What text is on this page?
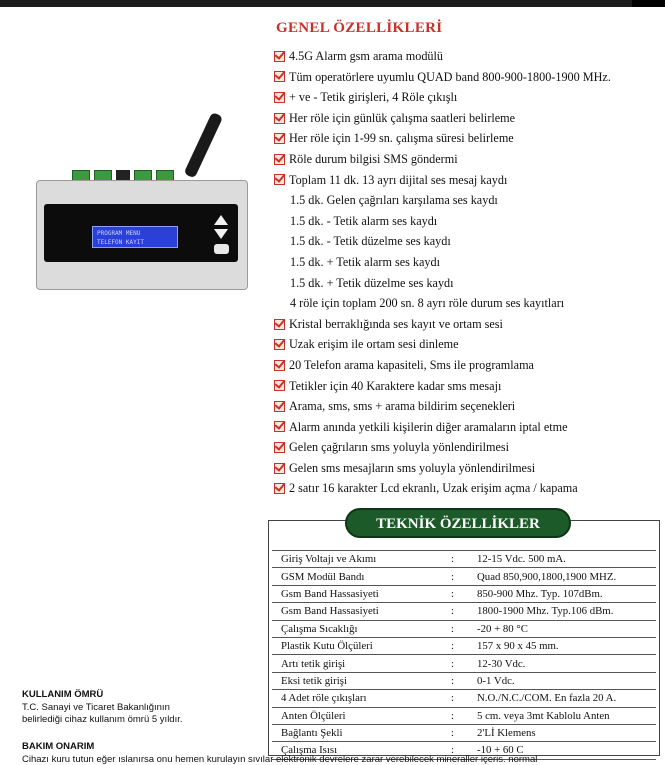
GENEL ÖZELLİKLERİ
4.5G Alarm gsm arama modülü
Tüm operatörlere uyumlu QUAD band 800-900-1800-1900 MHz.
+ ve - Tetik girişleri, 4 Röle çıkışlı
Her röle için günlük çalışma saatleri belirleme
Her röle için 1-99 sn. çalışma süresi belirleme
Röle durum bilgisi SMS göndermi
Toplam 11 dk. 13 ayrı dijital ses mesaj kaydı
1.5 dk. Gelen çağrıları karşılama ses kaydı
1.5 dk. - Tetik alarm ses kaydı
1.5 dk. - Tetik düzelme ses kaydı
1.5 dk. + Tetik alarm ses kaydı
1.5 dk. + Tetik düzelme ses kaydı
4 röle için toplam 200 sn. 8 ayrı röle durum ses kayıtları
Kristal berraklığında ses kayıt ve ortam sesi
Uzak erişim ile ortam sesi dinleme
20 Telefon arama kapasiteli, Sms ile programlama
Tetikler için 40 Karaktere kadar sms mesajı
Arama, sms, sms + arama bildirim seçenekleri
Alarm anında yetkili kişilerin diğer aramaların iptal etme
Gelen çağrıların sms yoluyla yönlendirilmesi
Gelen sms mesajların sms yoluyla yönlendirilmesi
2 satır 16 karakter Lcd ekranlı, Uzak erişim açma / kapama
PROGRAM MENU
TELEFON KAYIT
TEKNİK ÖZELLİKLER
Giriş Voltajı ve Akımı	:	12-15 Vdc. 500 mA.
GSM Modül Bandı	:	Quad 850,900,1800,1900 MHZ.
Gsm Band Hassasiyeti	:	850-900 Mhz. Typ. 107dBm.
Gsm Band Hassasiyeti	:	1800-1900 Mhz. Typ.106 dBm.
Çalışma Sıcaklığı	:	-20 + 80 °C
Plastik Kutu Ölçüleri	:	157 x 90 x 45 mm.
Artı tetik girişi	:	12-30 Vdc.
Eksi tetik girişi	:	0-1 Vdc.
4 Adet röle çıkışları	:	N.O./N.C./COM. En fazla 20 A.
Anten Ölçüleri	:	5 cm. veya 3mt Kablolu Anten
Bağlantı Şekli	:	2'Lİ Klemens
Çalışma Isısı	:	-10 + 60 C
KULLANIM ÖMRÜ
T.C. Sanayi ve Ticaret Bakanlığının
belirlediği cihaz kullanım ömrü 5 yıldır.
BAKIM ONARIM
Cihazı kuru tutun eğer ıslanırsa onu hemen kurulayın sıvılar elektronik devrelere zarar verebilecek mineraller içeris. normal
